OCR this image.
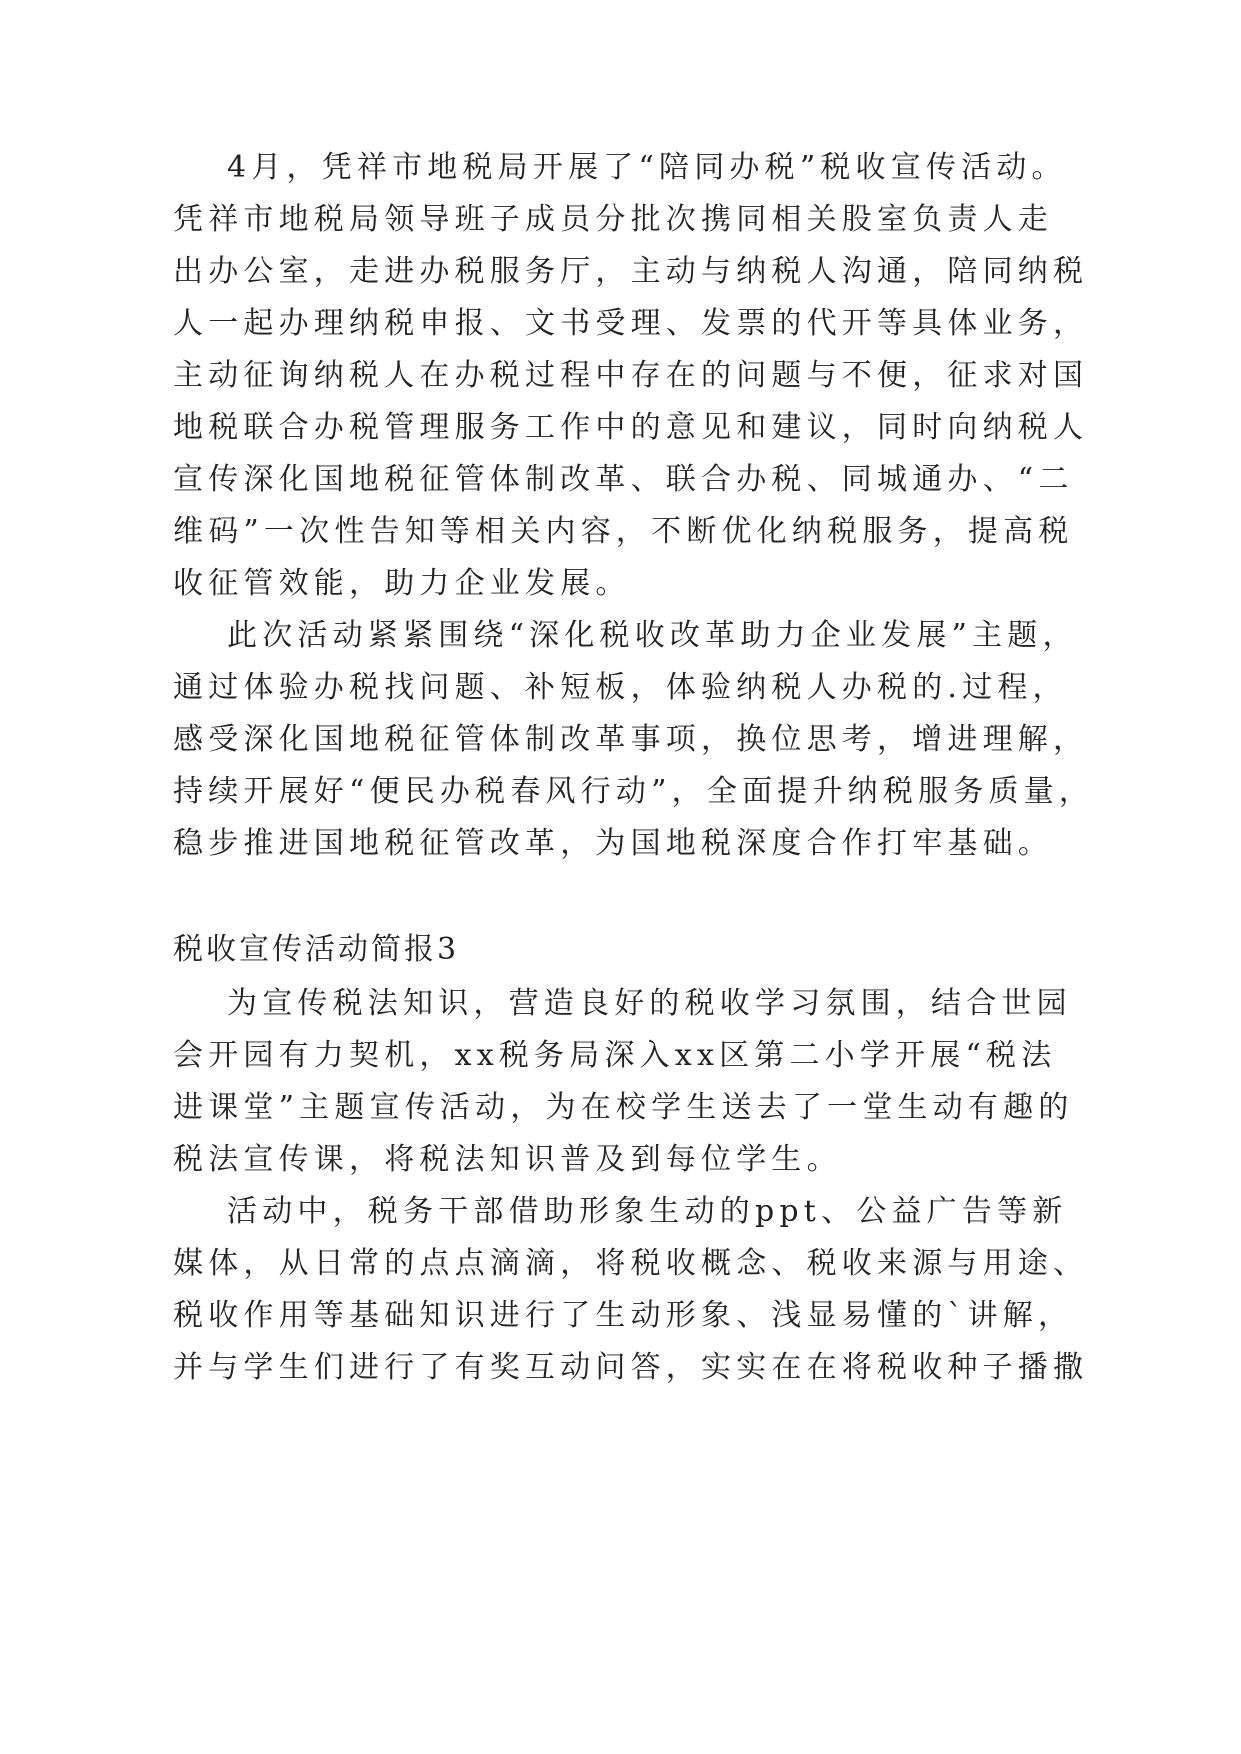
4月，凭祥市地税局开展了“陪同办税”税收宣传活动。

凭祥市地税局领导班子成员分批次携同相关股室负责人走

出办公室，走进办税服务厅，主动与纳税人沟通，陪同纳税

人一起办理纳税申报、文书受理、发票的代开等具体业务，

主动征询纳税人在办税过程中存在的问题与不便，征求对国

地税联合办税管理服务工作中的意见和建议，同时向纳税人

宣传深化国地税征管体制改革、联合办税、同城通办、“二

维码”一次性告知等相关内容，不断优化纳税服务，提高税

收征管效能，助力企业发展。

此次活动紧紧围绕“深化税收改革助力企业发展”主题，

通过体验办税找问题、补短板，体验纳税人办税的.过程，

感受深化国地税征管体制改革事项，换位思考，增进理解，

持续开展好“便民办税春风行动”，全面提升纳税服务质量，

稳步推进国地税征管改革，为国地税深度合作打牢基础。

税收宣传活动简报3

为宣传税法知识，营造良好的税收学习氛围，结合世园

会开园有力契机，xx税务局深入xx区第二小学开展“税法

进课堂”主题宣传活动，为在校学生送去了一堂生动有趣的

税法宣传课，将税法知识普及到每位学生。

活动中，税务干部借助形象生动的ppt、公益广告等新

媒体，从日常的点点滴滴，将税收概念、税收来源与用途、

税收作用等基础知识进行了生动形象、浅显易懂的`讲解，

并与学生们进行了有奖互动问答，实实在在将税收种子播撒
